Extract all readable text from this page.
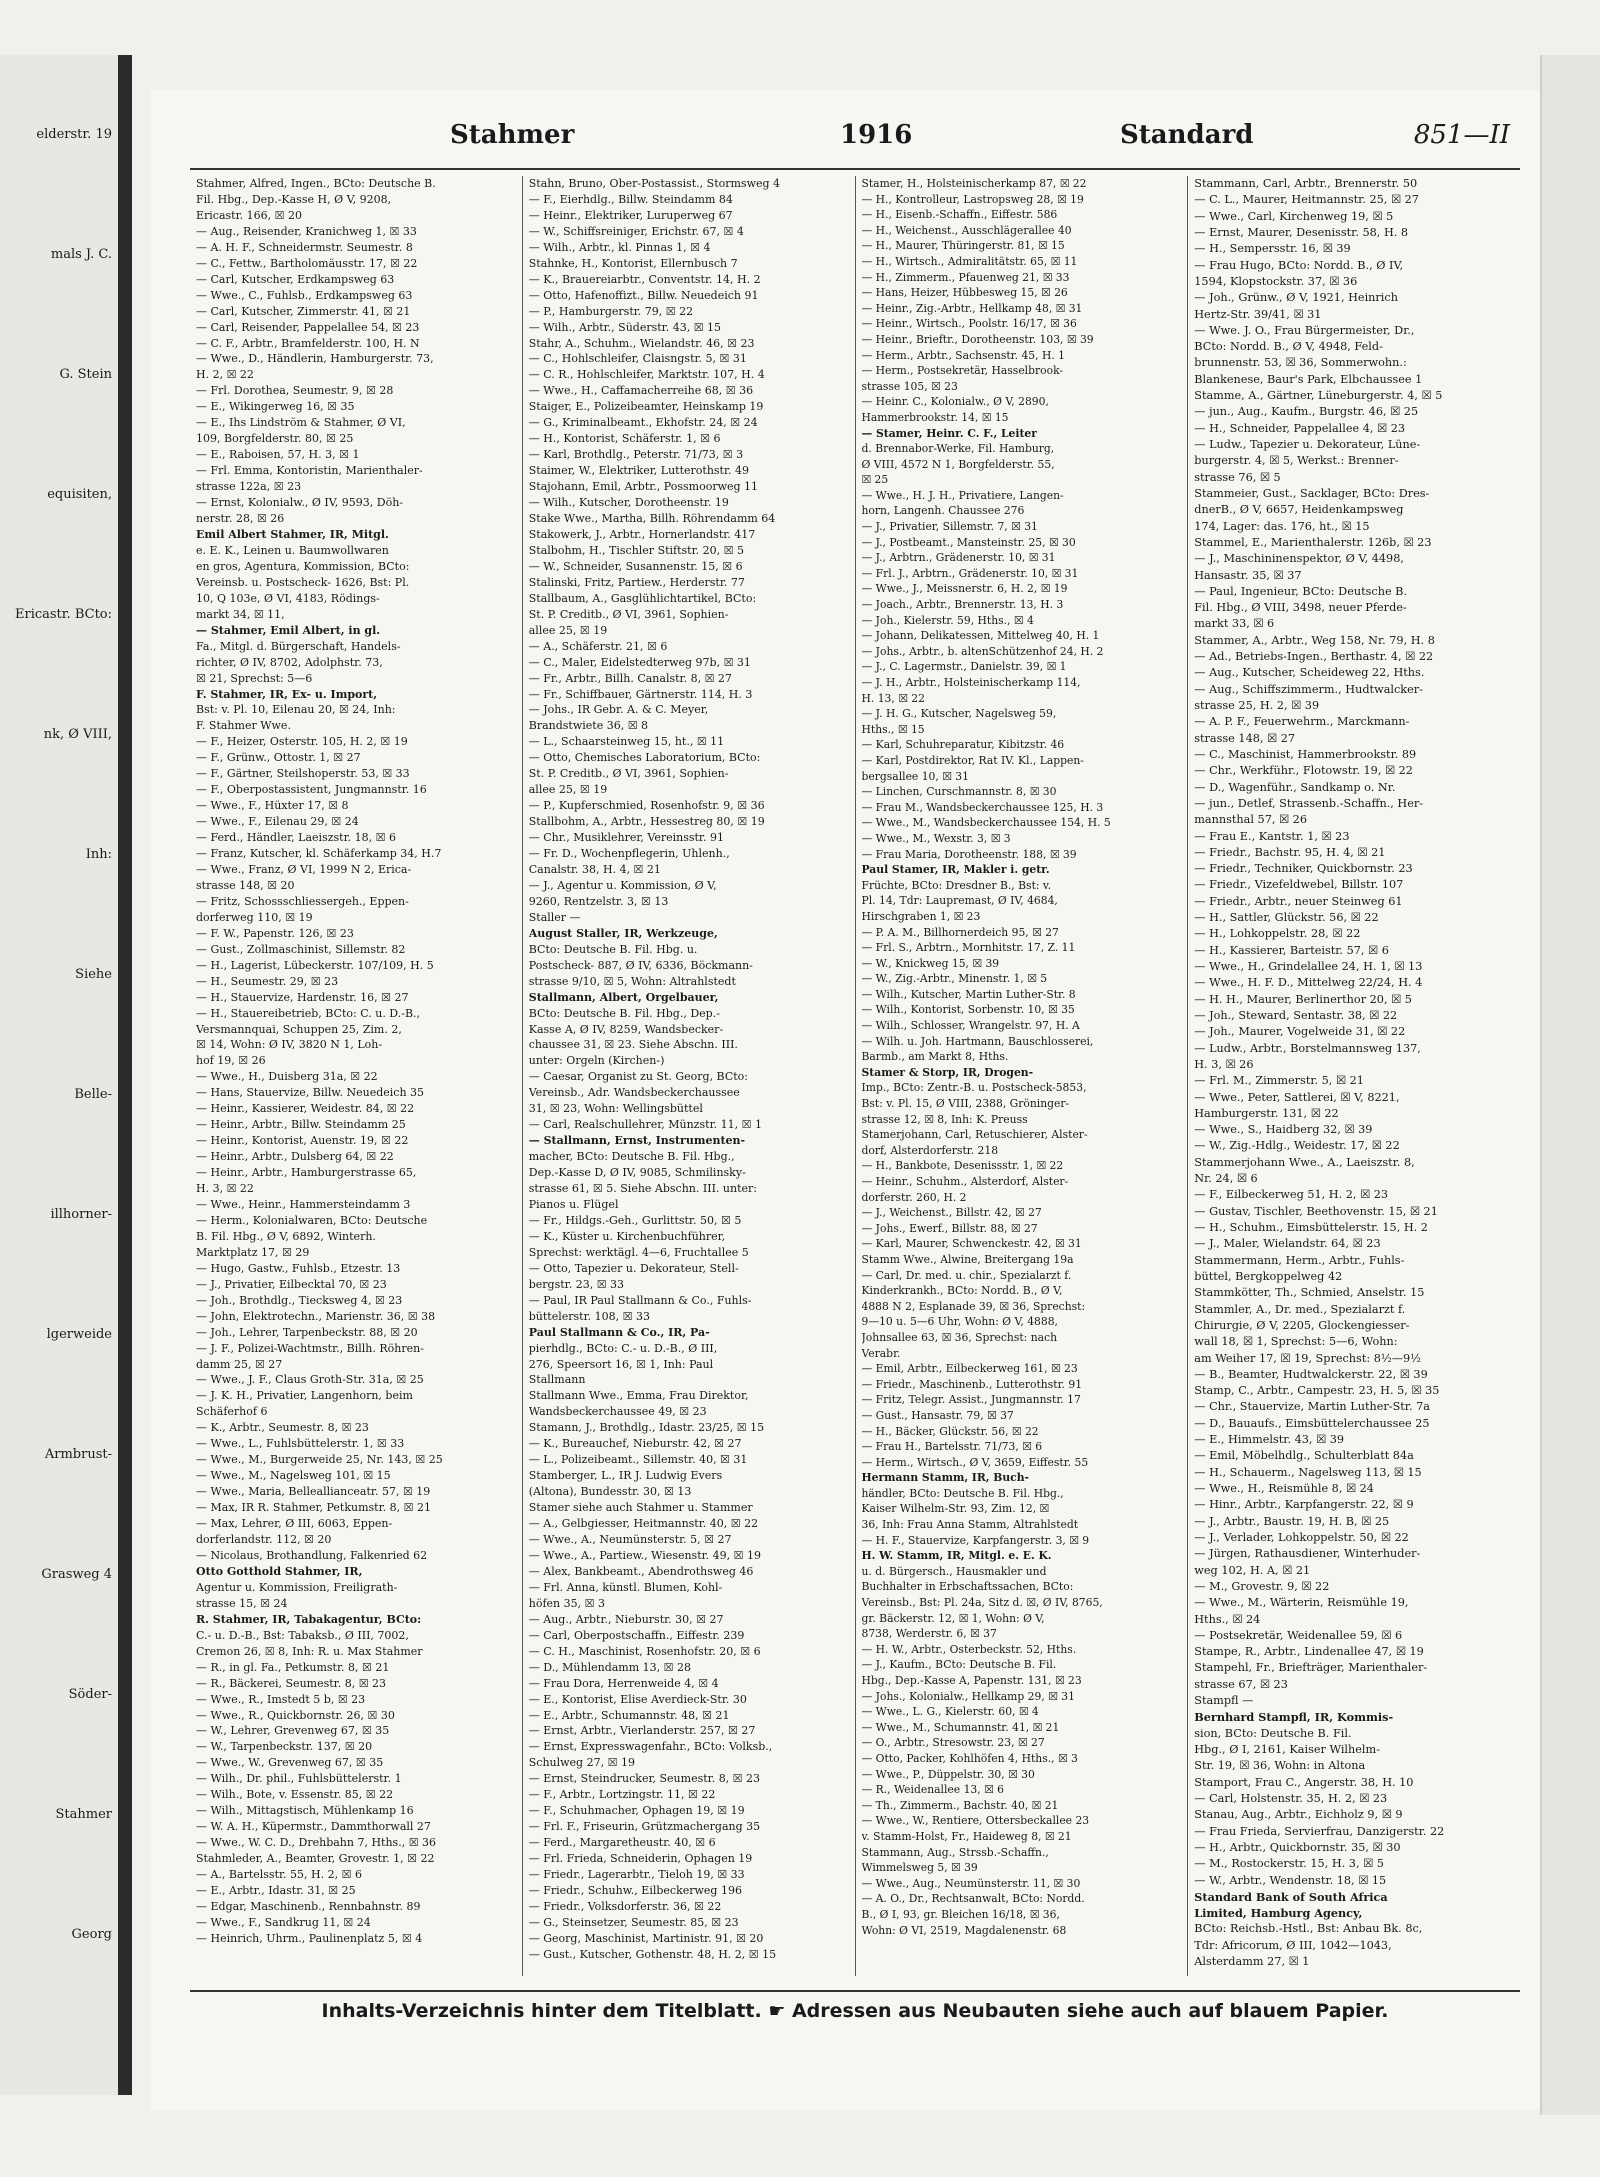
elderstr. 19
mals J. C.
G. Stein
equisiten,
Ericastr. BCto:
nk, Ø VIII,
Inh:
Siehe
Belle-
illhorner-
lgerweide
Armbrust-
Grasweg 4
Söder-
Stahmer
Georg
Stahmer	1916	Standard	851—II
Stahmer, Alfred, Ingen., BCto: Deutsche B.
Fil. Hbg., Dep.-Kasse H, Ø V, 9208,
Ericastr. 166, ☒ 20
— Aug., Reisender, Kranichweg 1, ☒ 33
— A. H. F., Schneidermstr. Seumestr. 8
— C., Fettw., Bartholomäusstr. 17, ☒ 22
— Carl, Kutscher, Erdkampsweg 63
— Wwe., C., Fuhlsb., Erdkampsweg 63
— Carl, Kutscher, Zimmerstr. 41, ☒ 21
— Carl, Reisender, Pappelallee 54, ☒ 23
— C. F., Arbtr., Bramfelderstr. 100, H. N
— Wwe., D., Händlerin, Hamburgerstr. 73,
H. 2, ☒ 22
— Frl. Dorothea, Seumestr. 9, ☒ 28
— E., Wikingerweg 16, ☒ 35
— E., Ihs Lindström & Stahmer, Ø VI,
109, Borgfelderstr. 80, ☒ 25
— E., Raboisen, 57, H. 3, ☒ 1
— Frl. Emma, Kontoristin, Marienthaler-
strasse 122a, ☒ 23
— Ernst, Kolonialw., Ø IV, 9593, Döh-
nerstr. 28, ☒ 26
Emil Albert Stahmer, IR, Mitgl.
e. E. K., Leinen u. Baumwollwaren
en gros, Agentura, Kommission, BCto:
Vereinsb. u. Postscheck- 1626, Bst: Pl.
10, Q 103e, Ø VI, 4183, Rödings-
markt 34, ☒ 11,
— Stahmer, Emil Albert, in gl.
Fa., Mitgl. d. Bürgerschaft, Handels-
richter, Ø IV, 8702, Adolphstr. 73,
☒ 21, Sprechst: 5—6
F. Stahmer, IR, Ex- u. Import,
Bst: v. Pl. 10, Eilenau 20, ☒ 24, Inh:
F. Stahmer Wwe.
— F., Heizer, Osterstr. 105, H. 2, ☒ 19
— F., Grünw., Ottostr. 1, ☒ 27
— F., Gärtner, Steilshoperstr. 53, ☒ 33
— F., Oberpostassistent, Jungmannstr. 16
— Wwe., F., Hüxter 17, ☒ 8
— Wwe., F., Eilenau 29, ☒ 24
— Ferd., Händler, Laeiszstr. 18, ☒ 6
— Franz, Kutscher, kl. Schäferkamp 34, H.7
— Wwe., Franz, Ø VI, 1999 N 2, Erica-
strasse 148, ☒ 20
— Fritz, Schossschliessergeh., Eppen-
dorferweg 110, ☒ 19
— F. W., Papenstr. 126, ☒ 23
— Gust., Zollmaschinist, Sillemstr. 82
— H., Lagerist, Lübeckerstr. 107/109, H. 5
— H., Seumestr. 29, ☒ 23
— H., Stauervize, Hardenstr. 16, ☒ 27
— H., Stauereibetrieb, BCto: C. u. D.-B.,
Versmannquai, Schuppen 25, Zim. 2,
☒ 14, Wohn: Ø IV, 3820 N 1, Loh-
hof 19, ☒ 26
— Wwe., H., Duisberg 31a, ☒ 22
— Hans, Stauervize, Billw. Neuedeich 35
— Heinr., Kassierer, Weidestr. 84, ☒ 22
— Heinr., Arbtr., Billw. Steindamm 25
— Heinr., Kontorist, Auenstr. 19, ☒ 22
— Heinr., Arbtr., Dulsberg 64, ☒ 22
— Heinr., Arbtr., Hamburgerstrasse 65,
H. 3, ☒ 22
— Wwe., Heinr., Hammersteindamm 3
— Herm., Kolonialwaren, BCto: Deutsche
B. Fil. Hbg., Ø V, 6892, Winterh.
Marktplatz 17, ☒ 29
— Hugo, Gastw., Fuhlsb., Etzestr. 13
— J., Privatier, Eilbecktal 70, ☒ 23
— Joh., Brothdlg., Tiecksweg 4, ☒ 23
— John, Elektrotechn., Marienstr. 36, ☒ 38
— Joh., Lehrer, Tarpenbeckstr. 88, ☒ 20
— J. F., Polizei-Wachtmstr., Billh. Röhren-
damm 25, ☒ 27
— Wwe., J. F., Claus Groth-Str. 31a, ☒ 25
— J. K. H., Privatier, Langenhorn, beim
Schäferhof 6
— K., Arbtr., Seumestr. 8, ☒ 23
— Wwe., L., Fuhlsbüttelerstr. 1, ☒ 33
— Wwe., M., Burgerweide 25, Nr. 143, ☒ 25
— Wwe., M., Nagelsweg 101, ☒ 15
— Wwe., Maria, Belleallianceatr. 57, ☒ 19
— Max, IR R. Stahmer, Petkumstr. 8, ☒ 21
— Max, Lehrer, Ø III, 6063, Eppen-
dorferlandstr. 112, ☒ 20
— Nicolaus, Brothandlung, Falkenried 62
Otto Gotthold Stahmer, IR,
Agentur u. Kommission, Freiligrath-
strasse 15, ☒ 24
R. Stahmer, IR, Tabakagentur, BCto:
C.- u. D.-B., Bst: Tabaksb., Ø III, 7002,
Cremon 26, ☒ 8, Inh: R. u. Max Stahmer
— R., in gl. Fa., Petkumstr. 8, ☒ 21
— R., Bäckerei, Seumestr. 8, ☒ 23
— Wwe., R., Imstedt 5 b, ☒ 23
— Wwe., R., Quickbornstr. 26, ☒ 30
— W., Lehrer, Grevenweg 67, ☒ 35
— W., Tarpenbeckstr. 137, ☒ 20
— Wwe., W., Grevenweg 67, ☒ 35
— Wilh., Dr. phil., Fuhlsbüttelerstr. 1
— Wilh., Bote, v. Essenstr. 85, ☒ 22
— Wilh., Mittagstisch, Mühlenkamp 16
— W. A. H., Küpermstr., Dammthorwall 27
— Wwe., W. C. D., Drehbahn 7, Hths., ☒ 36
Stahmleder, A., Beamter, Grovestr. 1, ☒ 22
— A., Bartelsstr. 55, H. 2, ☒ 6
— E., Arbtr., Idastr. 31, ☒ 25
— Edgar, Maschinenb., Rennbahnstr. 89
— Wwe., F., Sandkrug 11, ☒ 24
— Heinrich, Uhrm., Paulinenplatz 5, ☒ 4
Stahn, Bruno, Ober-Postassist., Stormsweg 4
— F., Eierhdlg., Billw. Steindamm 84
— Heinr., Elektriker, Luruperweg 67
— W., Schiffsreiniger, Erichstr. 67, ☒ 4
— Wilh., Arbtr., kl. Pinnas 1, ☒ 4
Stahnke, H., Kontorist, Ellernbusch 7
— K., Brauereiarbtr., Conventstr. 14, H. 2
— Otto, Hafenoffizt., Billw. Neuedeich 91
— P., Hamburgerstr. 79, ☒ 22
— Wilh., Arbtr., Süderstr. 43, ☒ 15
Stahr, A., Schuhm., Wielandstr. 46, ☒ 23
— C., Hohlschleifer, Claisngstr. 5, ☒ 31
— C. R., Hohlschleifer, Marktstr. 107, H. 4
— Wwe., H., Caffamacherreihe 68, ☒ 36
Staiger, E., Polizeibeamter, Heinskamp 19
— G., Kriminalbeamt., Ekhofstr. 24, ☒ 24
— H., Kontorist, Schäferstr. 1, ☒ 6
— Karl, Brothdlg., Peterstr. 71/73, ☒ 3
Staimer, W., Elektriker, Lutterothstr. 49
Stajohann, Emil, Arbtr., Possmoorweg 11
— Wilh., Kutscher, Dorotheenstr. 19
Stake Wwe., Martha, Billh. Röhrendamm 64
Stakowerk, J., Arbtr., Hornerlandstr. 417
Stalbohm, H., Tischler Stiftstr. 20, ☒ 5
— W., Schneider, Susannenstr. 15, ☒ 6
Stalinski, Fritz, Partiew., Herderstr. 77
Stallbaum, A., Gasglühlichtartikel, BCto:
St. P. Creditb., Ø VI, 3961, Sophien-
allee 25, ☒ 19
— A., Schäferstr. 21, ☒ 6
— C., Maler, Eidelstedterweg 97b, ☒ 31
— Fr., Arbtr., Billh. Canalstr. 8, ☒ 27
— Fr., Schiffbauer, Gärtnerstr. 114, H. 3
— Johs., IR Gebr. A. & C. Meyer,
Brandstwiete 36, ☒ 8
— L., Schaarsteinweg 15, ht., ☒ 11
— Otto, Chemisches Laboratorium, BCto:
St. P. Creditb., Ø VI, 3961, Sophien-
allee 25, ☒ 19
— P., Kupferschmied, Rosenhofstr. 9, ☒ 36
Stallbohm, A., Arbtr., Hessestreg 80, ☒ 19
— Chr., Musiklehrer, Vereinsstr. 91
— Fr. D., Wochenpflegerin, Uhlenh.,
Canalstr. 38, H. 4, ☒ 21
— J., Agentur u. Kommission, Ø V,
9260, Rentzelstr. 3, ☒ 13
Staller —
August Staller, IR, Werkzeuge,
BCto: Deutsche B. Fil. Hbg. u.
Postscheck- 887, Ø IV, 6336, Böckmann-
strasse 9/10, ☒ 5, Wohn: Altrahlstedt
Stallmann, Albert, Orgelbauer,
BCto: Deutsche B. Fil. Hbg., Dep.-
Kasse A, Ø IV, 8259, Wandsbecker-
chaussee 31, ☒ 23. Siehe Abschn. III.
unter: Orgeln (Kirchen-)
— Caesar, Organist zu St. Georg, BCto:
Vereinsb., Adr. Wandsbeckerchaussee
31, ☒ 23, Wohn: Wellingsbüttel
— Carl, Realschullehrer, Münzstr. 11, ☒ 1
— Stallmann, Ernst, Instrumenten-
macher, BCto: Deutsche B. Fil. Hbg.,
Dep.-Kasse D, Ø IV, 9085, Schmilinsky-
strasse 61, ☒ 5. Siehe Abschn. III. unter:
Pianos u. Flügel
— Fr., Hildgs.-Geh., Gurlittstr. 50, ☒ 5
— K., Küster u. Kirchenbuchführer,
Sprechst: werktägl. 4—6, Fruchtallee 5
— Otto, Tapezier u. Dekorateur, Stell-
bergstr. 23, ☒ 33
— Paul, IR Paul Stallmann & Co., Fuhls-
büttelerstr. 108, ☒ 33
Paul Stallmann & Co., IR, Pa-
pierhdlg., BCto: C.- u. D.-B., Ø III,
276, Speersort 16, ☒ 1, Inh: Paul
Stallmann
Stallmann Wwe., Emma, Frau Direktor,
Wandsbeckerchaussee 49, ☒ 23
Stamann, J., Brothdlg., Idastr. 23/25, ☒ 15
— K., Bureauchef, Nieburstr. 42, ☒ 27
— L., Polizeibeamt., Sillemstr. 40, ☒ 31
Stamberger, L., IR J. Ludwig Evers
(Altona), Bundesstr. 30, ☒ 13
Stamer siehe auch Stahmer u. Stammer
— A., Gelbgiesser, Heitmannstr. 40, ☒ 22
— Wwe., A., Neumünsterstr. 5, ☒ 27
— Wwe., A., Partiew., Wiesenstr. 49, ☒ 19
— Alex, Bankbeamt., Abendrothsweg 46
— Frl. Anna, künstl. Blumen, Kohl-
höfen 35, ☒ 3
— Aug., Arbtr., Nieburstr. 30, ☒ 27
— Carl, Oberpostschaffn., Eiffestr. 239
— C. H., Maschinist, Rosenhofstr. 20, ☒ 6
— D., Mühlendamm 13, ☒ 28
— Frau Dora, Herrenweide 4, ☒ 4
— E., Kontorist, Elise Averdieck-Str. 30
— E., Arbtr., Schumannstr. 48, ☒ 21
— Ernst, Arbtr., Vierlanderstr. 257, ☒ 27
— Ernst, Expresswagenfahr., BCto: Volksb.,
Schulweg 27, ☒ 19
— Ernst, Steindrucker, Seumestr. 8, ☒ 23
— F., Arbtr., Lortzingstr. 11, ☒ 22
— F., Schuhmacher, Ophagen 19, ☒ 19
— Frl. F., Friseurin, Grützmachergang 35
— Ferd., Margaretheustr. 40, ☒ 6
— Frl. Frieda, Schneiderin, Ophagen 19
— Friedr., Lagerarbtr., Tieloh 19, ☒ 33
— Friedr., Schuhw., Eilbeckerweg 196
— Friedr., Volksdorferstr. 36, ☒ 22
— G., Steinsetzer, Seumestr. 85, ☒ 23
— Georg, Maschinist, Martinistr. 91, ☒ 20
— Gust., Kutscher, Gothenstr. 48, H. 2, ☒ 15
Stamer, H., Holsteinischerkamp 87, ☒ 22
— H., Kontrolleur, Lastropsweg 28, ☒ 19
— H., Eisenb.-Schaffn., Eiffestr. 586
— H., Weichenst., Ausschlägerallee 40
— H., Maurer, Thüringerstr. 81, ☒ 15
— H., Wirtsch., Admiralitätstr. 65, ☒ 11
— H., Zimmerm., Pfauenweg 21, ☒ 33
— Hans, Heizer, Hübbesweg 15, ☒ 26
— Heinr., Zig.-Arbtr., Hellkamp 48, ☒ 31
— Heinr., Wirtsch., Poolstr. 16/17, ☒ 36
— Heinr., Brieftr., Dorotheenstr. 103, ☒ 39
— Herm., Arbtr., Sachsenstr. 45, H. 1
— Herm., Postsekretär, Hasselbrook-
strasse 105, ☒ 23
— Heinr. C., Kolonialw., Ø V, 2890,
Hammerbrookstr. 14, ☒ 15
— Stamer, Heinr. C. F., Leiter
d. Brennabor-Werke, Fil. Hamburg,
Ø VIII, 4572 N 1, Borgfelderstr. 55,
☒ 25
— Wwe., H. J. H., Privatiere, Langen-
horn, Langenh. Chaussee 276
— J., Privatier, Sillemstr. 7, ☒ 31
— J., Postbeamt., Mansteinstr. 25, ☒ 30
— J., Arbtrn., Grädenerstr. 10, ☒ 31
— Frl. J., Arbtrn., Grädenerstr. 10, ☒ 31
— Wwe., J., Meissnerstr. 6, H. 2, ☒ 19
— Joach., Arbtr., Brennerstr. 13, H. 3
— Joh., Kielerstr. 59, Hths., ☒ 4
— Johann, Delikatessen, Mittelweg 40, H. 1
— Johs., Arbtr., b. altenSchützenhof 24, H. 2
— J., C. Lagermstr., Danielstr. 39, ☒ 1
— J. H., Arbtr., Holsteinischerkamp 114,
H. 13, ☒ 22
— J. H. G., Kutscher, Nagelsweg 59,
Hths., ☒ 15
— Karl, Schuhreparatur, Kibitzstr. 46
— Karl, Postdirektor, Rat IV. Kl., Lappen-
bergsallee 10, ☒ 31
— Linchen, Curschmannstr. 8, ☒ 30
— Frau M., Wandsbeckerchaussee 125, H. 3
— Wwe., M., Wandsbeckerchaussee 154, H. 5
— Wwe., M., Wexstr. 3, ☒ 3
— Frau Maria, Dorotheenstr. 188, ☒ 39
Paul Stamer, IR, Makler i. getr.
Früchte, BCto: Dresdner B., Bst: v.
Pl. 14, Tdr: Laupremast, Ø IV, 4684,
Hirschgraben 1, ☒ 23
— P. A. M., Billhornerdeich 95, ☒ 27
— Frl. S., Arbtrn., Mornhitstr. 17, Z. 11
— W., Knickweg 15, ☒ 39
— W., Zig.-Arbtr., Minenstr. 1, ☒ 5
— Wilh., Kutscher, Martin Luther-Str. 8
— Wilh., Kontorist, Sorbenstr. 10, ☒ 35
— Wilh., Schlosser, Wrangelstr. 97, H. A
— Wilh. u. Joh. Hartmann, Bauschlosserei,
Barmb., am Markt 8, Hths.
Stamer & Storp, IR, Drogen-
Imp., BCto: Zentr.-B. u. Postscheck-5853,
Bst: v. Pl. 15, Ø VIII, 2388, Gröninger-
strasse 12, ☒ 8, Inh: K. Preuss
Stamerjohann, Carl, Retuschierer, Alster-
dorf, Alsterdorferstr. 218
— H., Bankbote, Desenissstr. 1, ☒ 22
— Heinr., Schuhm., Alsterdorf, Alster-
dorferstr. 260, H. 2
— J., Weichenst., Billstr. 42, ☒ 27
— Johs., Ewerf., Billstr. 88, ☒ 27
— Karl, Maurer, Schwenckestr. 42, ☒ 31
Stamm Wwe., Alwine, Breitergang 19a
— Carl, Dr. med. u. chir., Spezialarzt f.
Kinderkrankh., BCto: Nordd. B., Ø V,
4888 N 2, Esplanade 39, ☒ 36, Sprechst:
9—10 u. 5—6 Uhr, Wohn: Ø V, 4888,
Johnsallee 63, ☒ 36, Sprechst: nach
Verabr.
— Emil, Arbtr., Eilbeckerweg 161, ☒ 23
— Friedr., Maschinenb., Lutterothstr. 91
— Fritz, Telegr. Assist., Jungmannstr. 17
— Gust., Hansastr. 79, ☒ 37
— H., Bäcker, Glückstr. 56, ☒ 22
— Frau H., Bartelsstr. 71/73, ☒ 6
— Herm., Wirtsch., Ø V, 3659, Eiffestr. 55
Hermann Stamm, IR, Buch-
händler, BCto: Deutsche B. Fil. Hbg.,
Kaiser Wilhelm-Str. 93, Zim. 12, ☒
36, Inh: Frau Anna Stamm, Altrahlstedt
— H. F., Stauervize, Karpfangerstr. 3, ☒ 9
H. W. Stamm, IR, Mitgl. e. E. K.
u. d. Bürgersch., Hausmakler und
Buchhalter in Erbschaftssachen, BCto:
Vereinsb., Bst: Pl. 24a, Sitz d. ☒, Ø IV, 8765,
gr. Bäckerstr. 12, ☒ 1, Wohn: Ø V,
8738, Werderstr. 6, ☒ 37
— H. W., Arbtr., Osterbeckstr. 52, Hths.
— J., Kaufm., BCto: Deutsche B. Fil.
Hbg., Dep.-Kasse A, Papenstr. 131, ☒ 23
— Johs., Kolonialw., Hellkamp 29, ☒ 31
— Wwe., L. G., Kielerstr. 60, ☒ 4
— Wwe., M., Schumannstr. 41, ☒ 21
— O., Arbtr., Stresowstr. 23, ☒ 27
— Otto, Packer, Kohlhöfen 4, Hths., ☒ 3
— Wwe., P., Düppelstr. 30, ☒ 30
— R., Weidenallee 13, ☒ 6
— Th., Zimmerm., Bachstr. 40, ☒ 21
— Wwe., W., Rentiere, Ottersbeckallee 23
v. Stamm-Holst, Fr., Haideweg 8, ☒ 21
Stammann, Aug., Strssb.-Schaffn.,
Wimmelsweg 5, ☒ 39
— Wwe., Aug., Neumünsterstr. 11, ☒ 30
— A. O., Dr., Rechtsanwalt, BCto: Nordd.
B., Ø I, 93, gr. Bleichen 16/18, ☒ 36,
Wohn: Ø VI, 2519, Magdalenenstr. 68
Stammann, Carl, Arbtr., Brennerstr. 50
— C. L., Maurer, Heitmannstr. 25, ☒ 27
— Wwe., Carl, Kirchenweg 19, ☒ 5
— Ernst, Maurer, Desenisstr. 58, H. 8
— H., Sempersstr. 16, ☒ 39
— Frau Hugo, BCto: Nordd. B., Ø IV,
1594, Klopstockstr. 37, ☒ 36
— Joh., Grünw., Ø V, 1921, Heinrich
Hertz-Str. 39/41, ☒ 31
— Wwe. J. O., Frau Bürgermeister, Dr.,
BCto: Nordd. B., Ø V, 4948, Feld-
brunnenstr. 53, ☒ 36, Sommerwohn.:
Blankenese, Baur's Park, Elbchaussee 1
Stamme, A., Gärtner, Lüneburgerstr. 4, ☒ 5
— jun., Aug., Kaufm., Burgstr. 46, ☒ 25
— H., Schneider, Pappelallee 4, ☒ 23
— Ludw., Tapezier u. Dekorateur, Lüne-
burgerstr. 4, ☒ 5, Werkst.: Brenner-
strasse 76, ☒ 5
Stammeier, Gust., Sacklager, BCto: Dres-
dnerB., Ø V, 6657, Heidenkampsweg
174, Lager: das. 176, ht., ☒ 15
Stammel, E., Marienthalerstr. 126b, ☒ 23
— J., Maschininenspektor, Ø V, 4498,
Hansastr. 35, ☒ 37
— Paul, Ingenieur, BCto: Deutsche B.
Fil. Hbg., Ø VIII, 3498, neuer Pferde-
markt 33, ☒ 6
Stammer, A., Arbtr., Weg 158, Nr. 79, H. 8
— Ad., Betriebs-Ingen., Berthastr. 4, ☒ 22
— Aug., Kutscher, Scheideweg 22, Hths.
— Aug., Schiffszimmerm., Hudtwalcker-
strasse 25, H. 2, ☒ 39
— A. P. F., Feuerwehrm., Marckmann-
strasse 148, ☒ 27
— C., Maschinist, Hammerbrookstr. 89
— Chr., Werkführ., Flotowstr. 19, ☒ 22
— D., Wagenführ., Sandkamp o. Nr.
— jun., Detlef, Strassenb.-Schaffn., Her-
mannsthal 57, ☒ 26
— Frau E., Kantstr. 1, ☒ 23
— Friedr., Bachstr. 95, H. 4, ☒ 21
— Friedr., Techniker, Quickbornstr. 23
— Friedr., Vizefeldwebel, Billstr. 107
— Friedr., Arbtr., neuer Steinweg 61
— H., Sattler, Glückstr. 56, ☒ 22
— H., Lohkoppelstr. 28, ☒ 22
— H., Kassierer, Barteistr. 57, ☒ 6
— Wwe., H., Grindelallee 24, H. 1, ☒ 13
— Wwe., H. F. D., Mittelweg 22/24, H. 4
— H. H., Maurer, Berlinerthor 20, ☒ 5
— Joh., Steward, Sentastr. 38, ☒ 22
— Joh., Maurer, Vogelweide 31, ☒ 22
— Ludw., Arbtr., Borstelmannsweg 137,
H. 3, ☒ 26
— Frl. M., Zimmerstr. 5, ☒ 21
— Wwe., Peter, Sattlerei, ☒ V, 8221,
Hamburgerstr. 131, ☒ 22
— Wwe., S., Haidberg 32, ☒ 39
— W., Zig.-Hdlg., Weidestr. 17, ☒ 22
Stammerjohann Wwe., A., Laeiszstr. 8,
Nr. 24, ☒ 6
— F., Eilbeckerweg 51, H. 2, ☒ 23
— Gustav, Tischler, Beethovenstr. 15, ☒ 21
— H., Schuhm., Eimsbüttelerstr. 15, H. 2
— J., Maler, Wielandstr. 64, ☒ 23
Stammermann, Herm., Arbtr., Fuhls-
büttel, Bergkoppelweg 42
Stammkötter, Th., Schmied, Anselstr. 15
Stammler, A., Dr. med., Spezialarzt f.
Chirurgie, Ø V, 2205, Glockengiesser-
wall 18, ☒ 1, Sprechst: 5—6, Wohn:
am Weiher 17, ☒ 19, Sprechst: 8½—9½
— B., Beamter, Hudtwalckerstr. 22, ☒ 39
Stamp, C., Arbtr., Campestr. 23, H. 5, ☒ 35
— Chr., Stauervize, Martin Luther-Str. 7a
— D., Bauaufs., Eimsbüttelerchaussee 25
— E., Himmelstr. 43, ☒ 39
— Emil, Möbelhdlg., Schulterblatt 84a
— H., Schauerm., Nagelsweg 113, ☒ 15
— Wwe., H., Reismühle 8, ☒ 24
— Hinr., Arbtr., Karpfangerstr. 22, ☒ 9
— J., Arbtr., Baustr. 19, H. B, ☒ 25
— J., Verlader, Lohkoppelstr. 50, ☒ 22
— Jürgen, Rathausdiener, Winterhuder-
weg 102, H. A, ☒ 21
— M., Grovestr. 9, ☒ 22
— Wwe., M., Wärterin, Reismühle 19,
Hths., ☒ 24
— Postsekretär, Weidenallee 59, ☒ 6
Stampe, R., Arbtr., Lindenallee 47, ☒ 19
Stampehl, Fr., Briefträger, Marienthaler-
strasse 67, ☒ 23
Stampfl —
Bernhard Stampfl, IR, Kommis-
sion, BCto: Deutsche B. Fil.
Hbg., Ø I, 2161, Kaiser Wilhelm-
Str. 19, ☒ 36, Wohn: in Altona
Stamport, Frau C., Angerstr. 38, H. 10
— Carl, Holstenstr. 35, H. 2, ☒ 23
Stanau, Aug., Arbtr., Eichholz 9, ☒ 9
— Frau Frieda, Servierfrau, Danzigerstr. 22
— H., Arbtr., Quickbornstr. 35, ☒ 30
— M., Rostockerstr. 15, H. 3, ☒ 5
— W., Arbtr., Wendenstr. 18, ☒ 15
Standard Bank of South Africa
Limited, Hamburg Agency,
BCto: Reichsb.-Hstl., Bst: Anbau Bk. 8c,
Tdr: Africorum, Ø III, 1042—1043,
Alsterdamm 27, ☒ 1
Inhalts-Verzeichnis hinter dem Titelblatt. ☛ Adressen aus Neubauten siehe auch auf blauem Papier.
